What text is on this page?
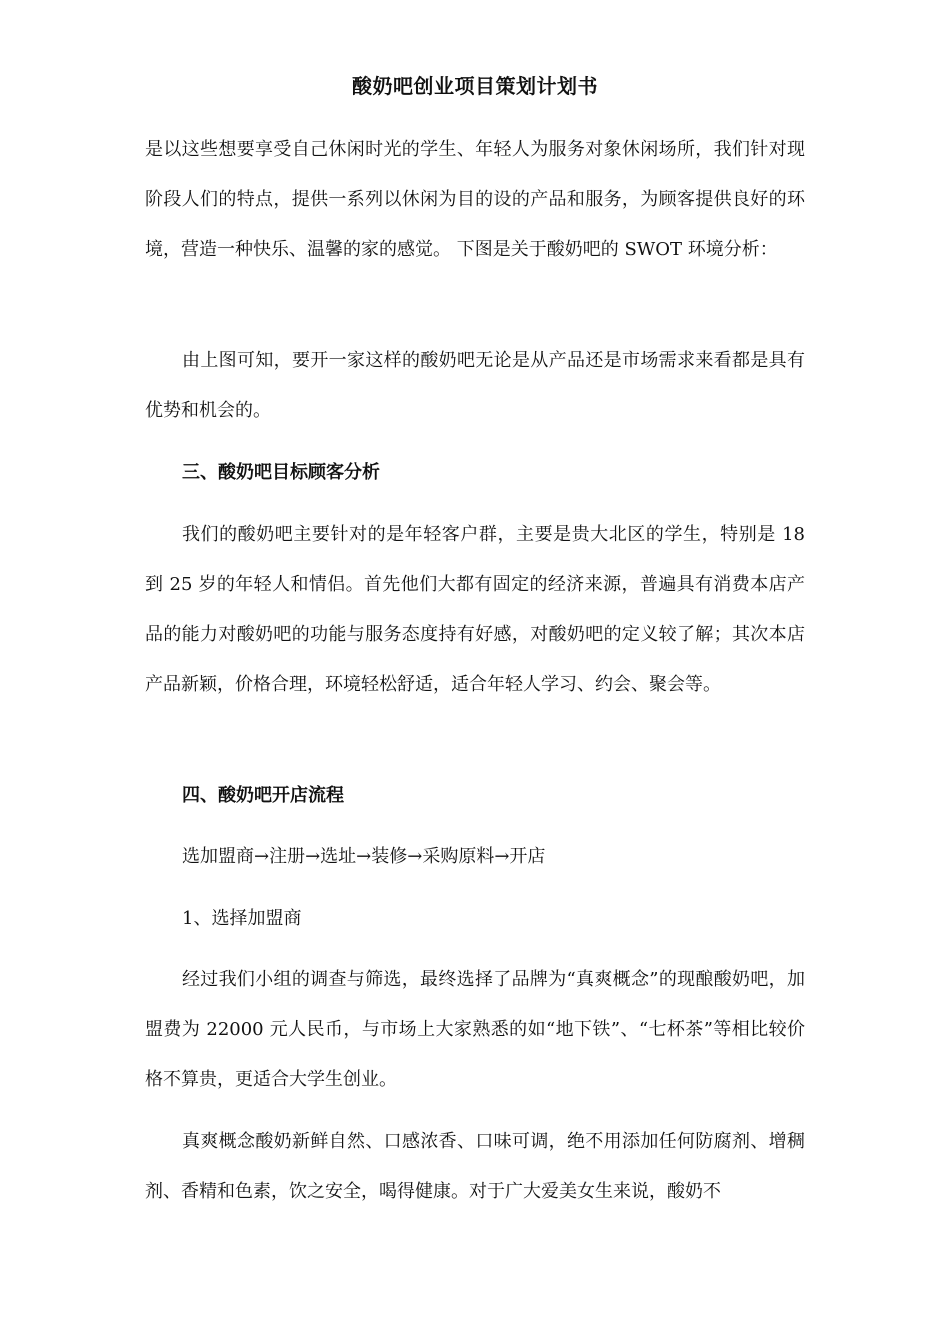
酸奶吧创业项目策划计划书

是以这些想要享受自己休闲时光的学生、年轻人为服务对象休闲场所，我们针对现阶段人们的特点，提供一系列以休闲为目的设的产品和服务，为顾客提供良好的环境，营造一种快乐、温馨的家的感觉。 下图是关于酸奶吧的 SWOT 环境分析：

由上图可知，要开一家这样的酸奶吧无论是从产品还是市场需求来看都是具有优势和机会的。

三、酸奶吧目标顾客分析

我们的酸奶吧主要针对的是年轻客户群，主要是贵大北区的学生，特别是 18 到 25 岁的年轻人和情侣。首先他们大都有固定的经济来源，普遍具有消费本店产品的能力对酸奶吧的功能与服务态度持有好感，对酸奶吧的定义较了解；其次本店产品新颖，价格合理，环境轻松舒适，适合年轻人学习、约会、聚会等。

四、酸奶吧开店流程

选加盟商→注册→选址→装修→采购原料→开店

1、选择加盟商

经过我们小组的调查与筛选，最终选择了品牌为“真爽概念”的现酿酸奶吧，加盟费为 22000 元人民币，与市场上大家熟悉的如“地下铁”、“七杯茶”等相比较价格不算贵，更适合大学生创业。

真爽概念酸奶新鲜自然、口感浓香、口味可调，绝不用添加任何防腐剂、增稠剂、香精和色素，饮之安全，喝得健康。对于广大爱美女生来说，酸奶不
